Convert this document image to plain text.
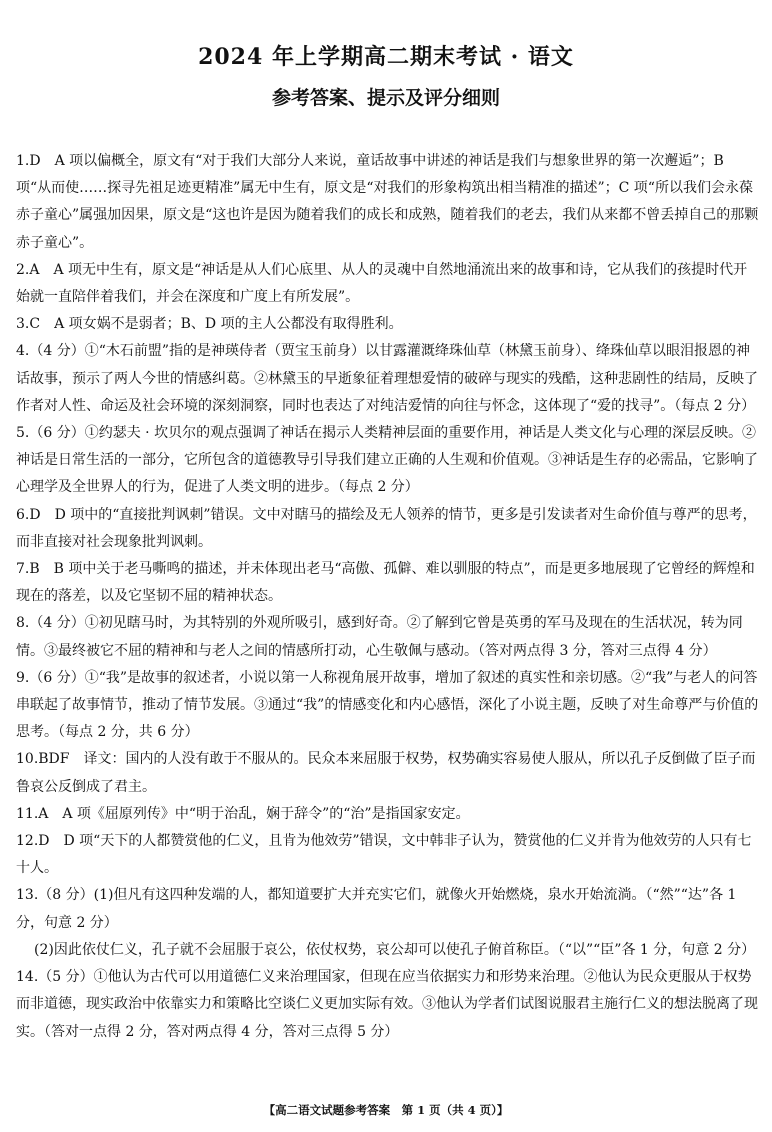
2024 年上学期高二期末考试 · 语文
参考答案、提示及评分细则

1.D　A 项以偏概全，原文有“对于我们大部分人来说，童话故事中讲述的神话是我们与想象世界的第一次邂逅”；B 项“从而使……探寻先祖足迹更精准”属无中生有，原文是“对我们的形象构筑出相当精准的描述”；C 项“所以我们会永葆赤子童心”属强加因果，原文是“这也许是因为随着我们的成长和成熟，随着我们的老去，我们从来都不曾丢掉自己的那颗赤子童心”。

2.A　A 项无中生有，原文是“神话是从人们心底里、从人的灵魂中自然地涌流出来的故事和诗，它从我们的孩提时代开始就一直陪伴着我们，并会在深度和广度上有所发展”。

3.C　A 项女娲不是弱者；B、D 项的主人公都没有取得胜利。

4.（4 分）①“木石前盟”指的是神瑛侍者（贾宝玉前身）以甘露灌溉绛珠仙草（林黛玉前身）、绛珠仙草以眼泪报恩的神话故事，预示了两人今世的情感纠葛。②林黛玉的早逝象征着理想爱情的破碎与现实的残酷，这种悲剧性的结局，反映了作者对人性、命运及社会环境的深刻洞察，同时也表达了对纯洁爱情的向往与怀念，这体现了“爱的找寻”。（每点 2 分）

5.（6 分）①约瑟夫 · 坎贝尔的观点强调了神话在揭示人类精神层面的重要作用，神话是人类文化与心理的深层反映。②神话是日常生活的一部分，它所包含的道德教导引导我们建立正确的人生观和价值观。③神话是生存的必需品，它影响了心理学及全世界人的行为，促进了人类文明的进步。（每点 2 分）

6.D　D 项中的“直接批判讽刺”错误。文中对瞎马的描绘及无人领养的情节，更多是引发读者对生命价值与尊严的思考，而非直接对社会现象批判讽刺。

7.B　B 项中关于老马嘶鸣的描述，并未体现出老马“高傲、孤僻、难以驯服的特点”，而是更多地展现了它曾经的辉煌和现在的落差，以及它坚韧不屈的精神状态。

8.（4 分）①初见瞎马时，为其特别的外观所吸引，感到好奇。②了解到它曾是英勇的军马及现在的生活状况，转为同情。③最终被它不屈的精神和与老人之间的情感所打动，心生敬佩与感动。（答对两点得 3 分，答对三点得 4 分）

9.（6 分）①“我”是故事的叙述者，小说以第一人称视角展开故事，增加了叙述的真实性和亲切感。②“我”与老人的问答串联起了故事情节，推动了情节发展。③通过“我”的情感变化和内心感悟，深化了小说主题，反映了对生命尊严与价值的思考。（每点 2 分，共 6 分）

10.BDF　译文：国内的人没有敢于不服从的。民众本来屈服于权势，权势确实容易使人服从，所以孔子反倒做了臣子而鲁哀公反倒成了君主。

11.A　A 项《屈原列传》中“明于治乱，娴于辞令”的“治”是指国家安定。

12.D　D 项“天下的人都赞赏他的仁义，且肯为他效劳”错误，文中韩非子认为，赞赏他的仁义并肯为他效劳的人只有七十人。

13.（8 分）(1)但凡有这四种发端的人，都知道要扩大并充实它们，就像火开始燃烧，泉水开始流淌。（“然”“达”各 1 分，句意 2 分）

(2)因此依仗仁义，孔子就不会屈服于哀公，依仗权势，哀公却可以使孔子俯首称臣。（“以”“臣”各 1 分，句意 2 分）

14.（5 分）①他认为古代可以用道德仁义来治理国家，但现在应当依据实力和形势来治理。②他认为民众更服从于权势而非道德，现实政治中依靠实力和策略比空谈仁义更加实际有效。③他认为学者们试图说服君主施行仁义的想法脱离了现实。（答对一点得 2 分，答对两点得 4 分，答对三点得 5 分）

【高二语文试题参考答案　第 1 页（共 4 页）】
